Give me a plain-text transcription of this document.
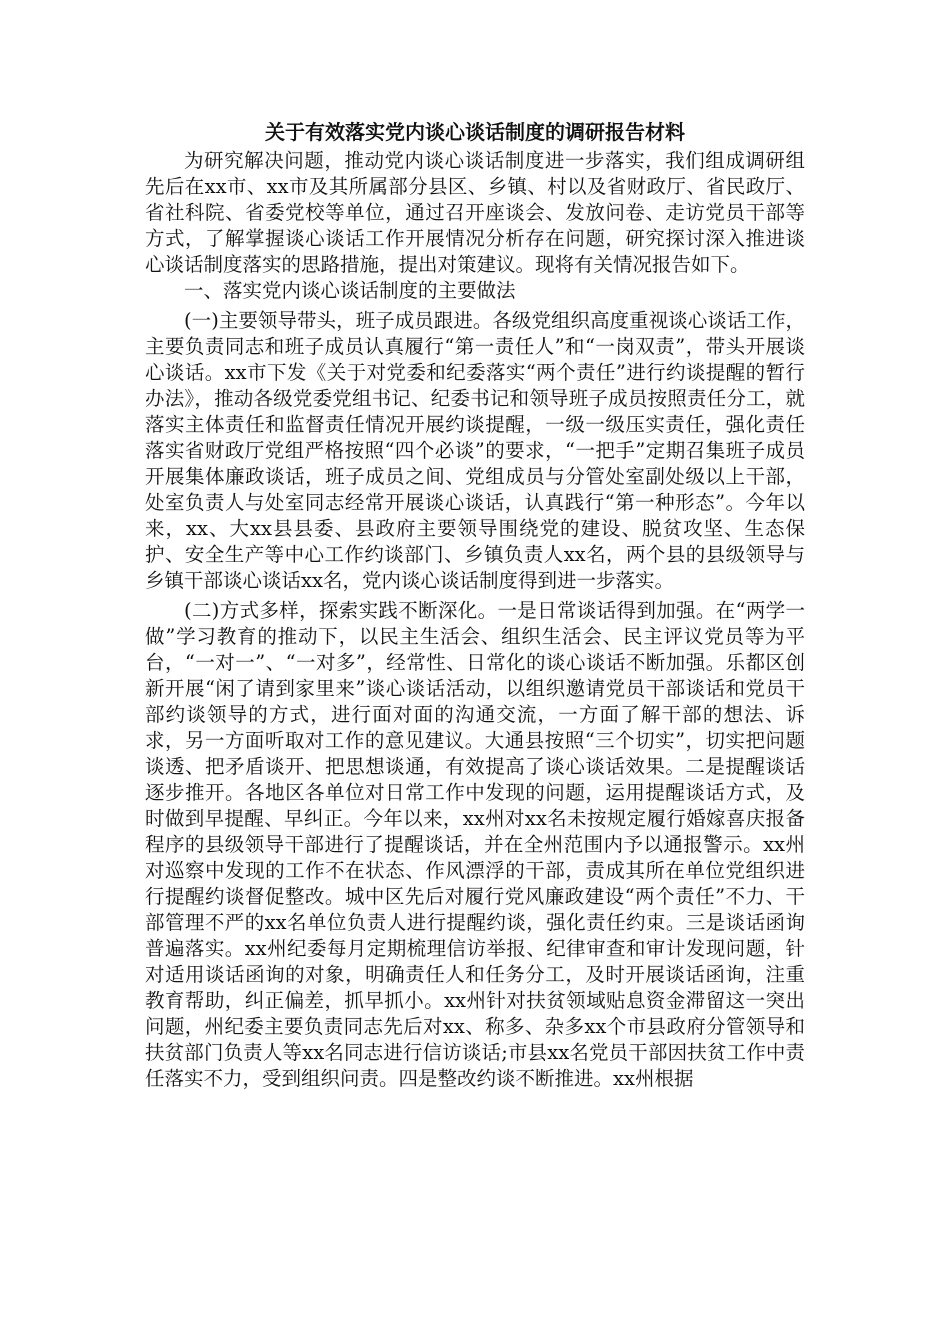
关于有效落实党内谈心谈话制度的调研报告材料

为研究解决问题，推动党内谈心谈话制度进一步落实，我们组成调研组先后在xx市、xx市及其所属部分县区、乡镇、村以及省财政厅、省民政厅、省社科院、省委党校等单位，通过召开座谈会、发放问卷、走访党员干部等方式，了解掌握谈心谈话工作开展情况分析存在问题，研究探讨深入推进谈心谈话制度落实的思路措施，提出对策建议。现将有关情况报告如下。

一、落实党内谈心谈话制度的主要做法

(一)主要领导带头，班子成员跟进。各级党组织高度重视谈心谈话工作，主要负责同志和班子成员认真履行“第一责任人”和“一岗双责”，带头开展谈心谈话。xx市下发《关于对党委和纪委落实“两个责任”进行约谈提醒的暂行办法》，推动各级党委党组书记、纪委书记和领导班子成员按照责任分工，就落实主体责任和监督责任情况开展约谈提醒，一级一级压实责任，强化责任落实省财政厅党组严格按照“四个必谈”的要求，“一把手”定期召集班子成员开展集体廉政谈话，班子成员之间、党组成员与分管处室副处级以上干部，处室负责人与处室同志经常开展谈心谈话，认真践行“第一种形态”。今年以来，xx、大xx县县委、县政府主要领导围绕党的建设、脱贫攻坚、生态保护、安全生产等中心工作约谈部门、乡镇负责人xx名，两个县的县级领导与乡镇干部谈心谈话xx名，党内谈心谈话制度得到进一步落实。

(二)方式多样，探索实践不断深化。一是日常谈话得到加强。在“两学一做”学习教育的推动下，以民主生活会、组织生活会、民主评议党员等为平台，“一对一”、“一对多”，经常性、日常化的谈心谈话不断加强。乐都区创新开展“闲了请到家里来”谈心谈话活动，以组织邀请党员干部谈话和党员干部约谈领导的方式，进行面对面的沟通交流，一方面了解干部的想法、诉求，另一方面听取对工作的意见建议。大通县按照“三个切实”，切实把问题谈透、把矛盾谈开、把思想谈通，有效提高了谈心谈话效果。二是提醒谈话逐步推开。各地区各单位对日常工作中发现的问题，运用提醒谈话方式，及时做到早提醒、早纠正。今年以来，xx州对xx名未按规定履行婚嫁喜庆报备程序的县级领导干部进行了提醒谈话，并在全州范围内予以通报警示。xx州对巡察中发现的工作不在状态、作风漂浮的干部，责成其所在单位党组织进行提醒约谈督促整改。城中区先后对履行党风廉政建设“两个责任”不力、干部管理不严的xx名单位负责人进行提醒约谈，强化责任约束。三是谈话函询普遍落实。xx州纪委每月定期梳理信访举报、纪律审查和审计发现问题，针对适用谈话函询的对象，明确责任人和任务分工，及时开展谈话函询，注重教育帮助，纠正偏差，抓早抓小。xx州针对扶贫领域贴息资金滞留这一突出问题，州纪委主要负责同志先后对xx、称多、杂多xx个市县政府分管领导和扶贫部门负责人等xx名同志进行信访谈话;市县xx名党员干部因扶贫工作中责任落实不力，受到组织问责。四是整改约谈不断推进。xx州根据
